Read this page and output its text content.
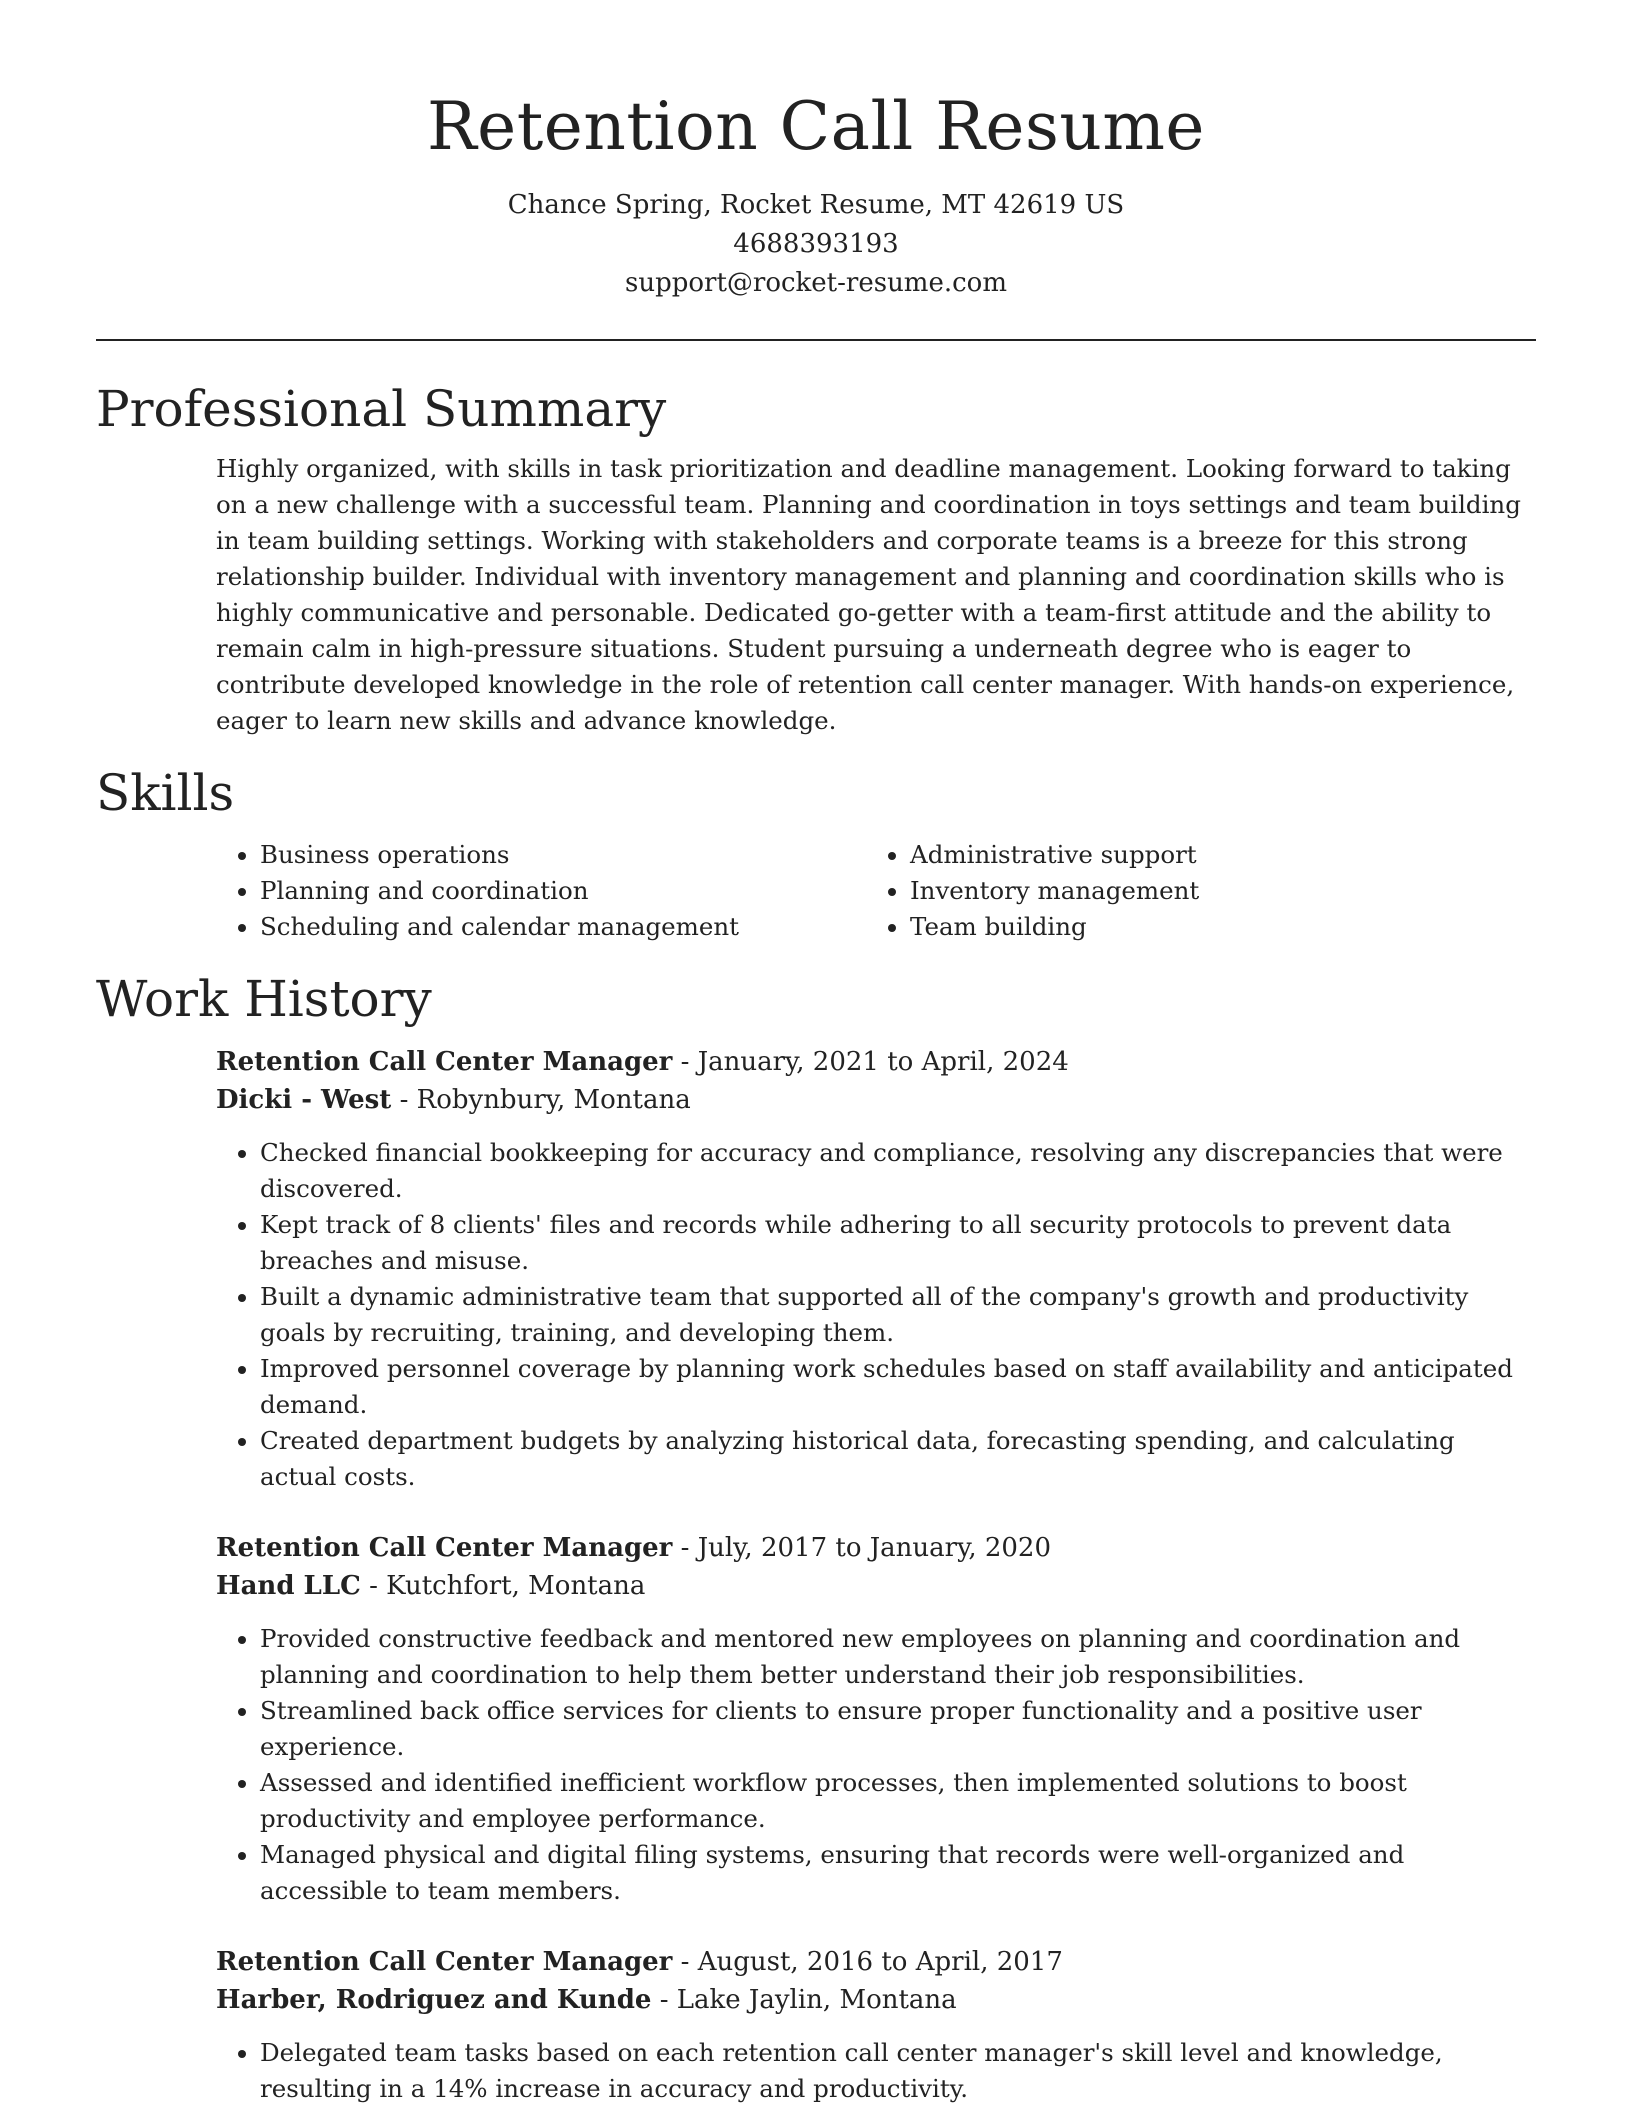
Retention Call Resume
Chance Spring, Rocket Resume, MT 42619 US
4688393193
support@rocket-resume.com
Professional Summary

Highly organized, with skills in task prioritization and deadline management. Looking forward to taking on a new challenge with a successful team. Planning and coordination in toys settings and team building in team building settings. Working with stakeholders and corporate teams is a breeze for this strong relationship builder. Individual with inventory management and planning and coordination skills who is highly communicative and personable. Dedicated go-getter with a team-first attitude and the ability to remain calm in high-pressure situations. Student pursuing a underneath degree who is eager to contribute developed knowledge in the role of retention call center manager. With hands-on experience, eager to learn new skills and advance knowledge.

Skills
• Business operations
• Planning and coordination
• Scheduling and calendar management
• Administrative support
• Inventory management
• Team building
Work History
Retention Call Center Manager - January, 2021 to April, 2024
Dicki - West - Robynbury, Montana
• Checked financial bookkeeping for accuracy and compliance, resolving any discrepancies that were discovered.
• Kept track of 8 clients' files and records while adhering to all security protocols to prevent data breaches and misuse.
• Built a dynamic administrative team that supported all of the company's growth and productivity goals by recruiting, training, and developing them.
• Improved personnel coverage by planning work schedules based on staff availability and anticipated demand.
• Created department budgets by analyzing historical data, forecasting spending, and calculating actual costs.
Retention Call Center Manager - July, 2017 to January, 2020
Hand LLC - Kutchfort, Montana
• Provided constructive feedback and mentored new employees on planning and coordination and planning and coordination to help them better understand their job responsibilities.
• Streamlined back office services for clients to ensure proper functionality and a positive user experience.
• Assessed and identified inefficient workflow processes, then implemented solutions to boost productivity and employee performance.
• Managed physical and digital filing systems, ensuring that records were well-organized and accessible to team members.
Retention Call Center Manager - August, 2016 to April, 2017
Harber, Rodriguez and Kunde - Lake Jaylin, Montana
• Delegated team tasks based on each retention call center manager's skill level and knowledge, resulting in a 14% increase in accuracy and productivity.
